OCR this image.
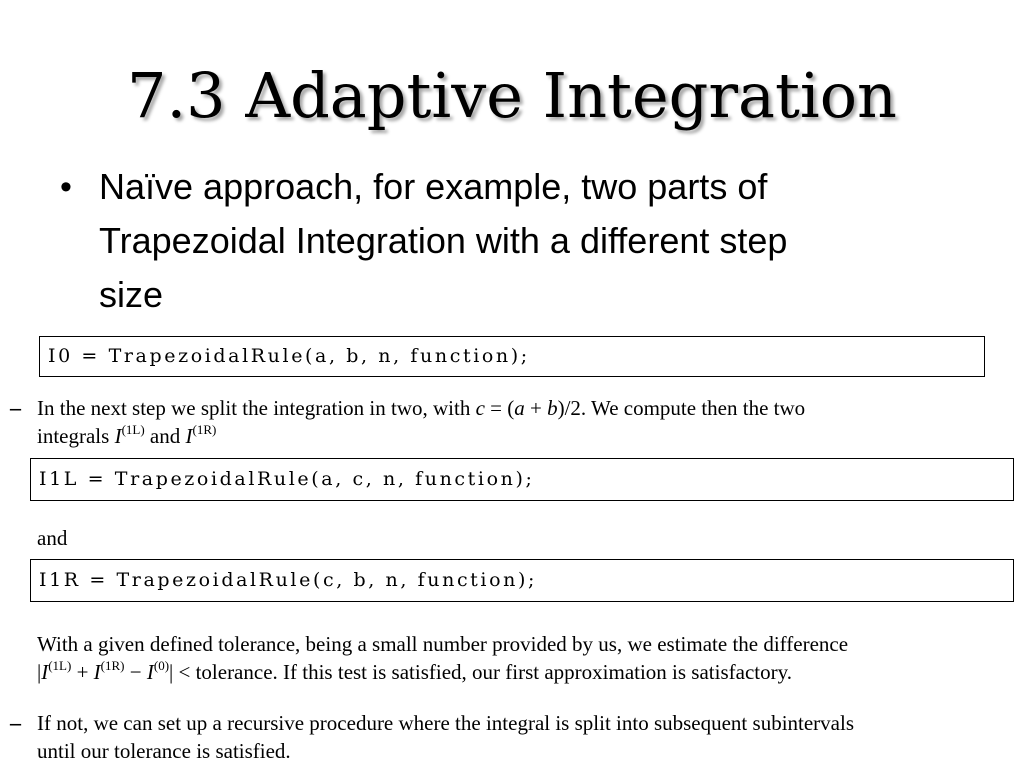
7.3 Adaptive Integration
• Naïve approach, for example, two parts of
Trapezoidal Integration with a different step
size
I0 = TrapezoidalRule(a, b, n, function);
– In the next step we split the integration in two, with c = (a + b)/2. We compute then the two
integrals $I^{(1L)}$ and $I^{(1R)}$
I1L = TrapezoidalRule(a, c, n, function);
and
I1R = TrapezoidalRule(c, b, n, function);
With a given defined tolerance, being a small number provided by us, we estimate the difference
$|I^{(1L)} + I^{(1R)} - I^{(0)}|$ < tolerance. If this test is satisfied, our first approximation is satisfactory.
– If not, we can set up a recursive procedure where the integral is split into subsequent subintervals
until our tolerance is satisfied.
